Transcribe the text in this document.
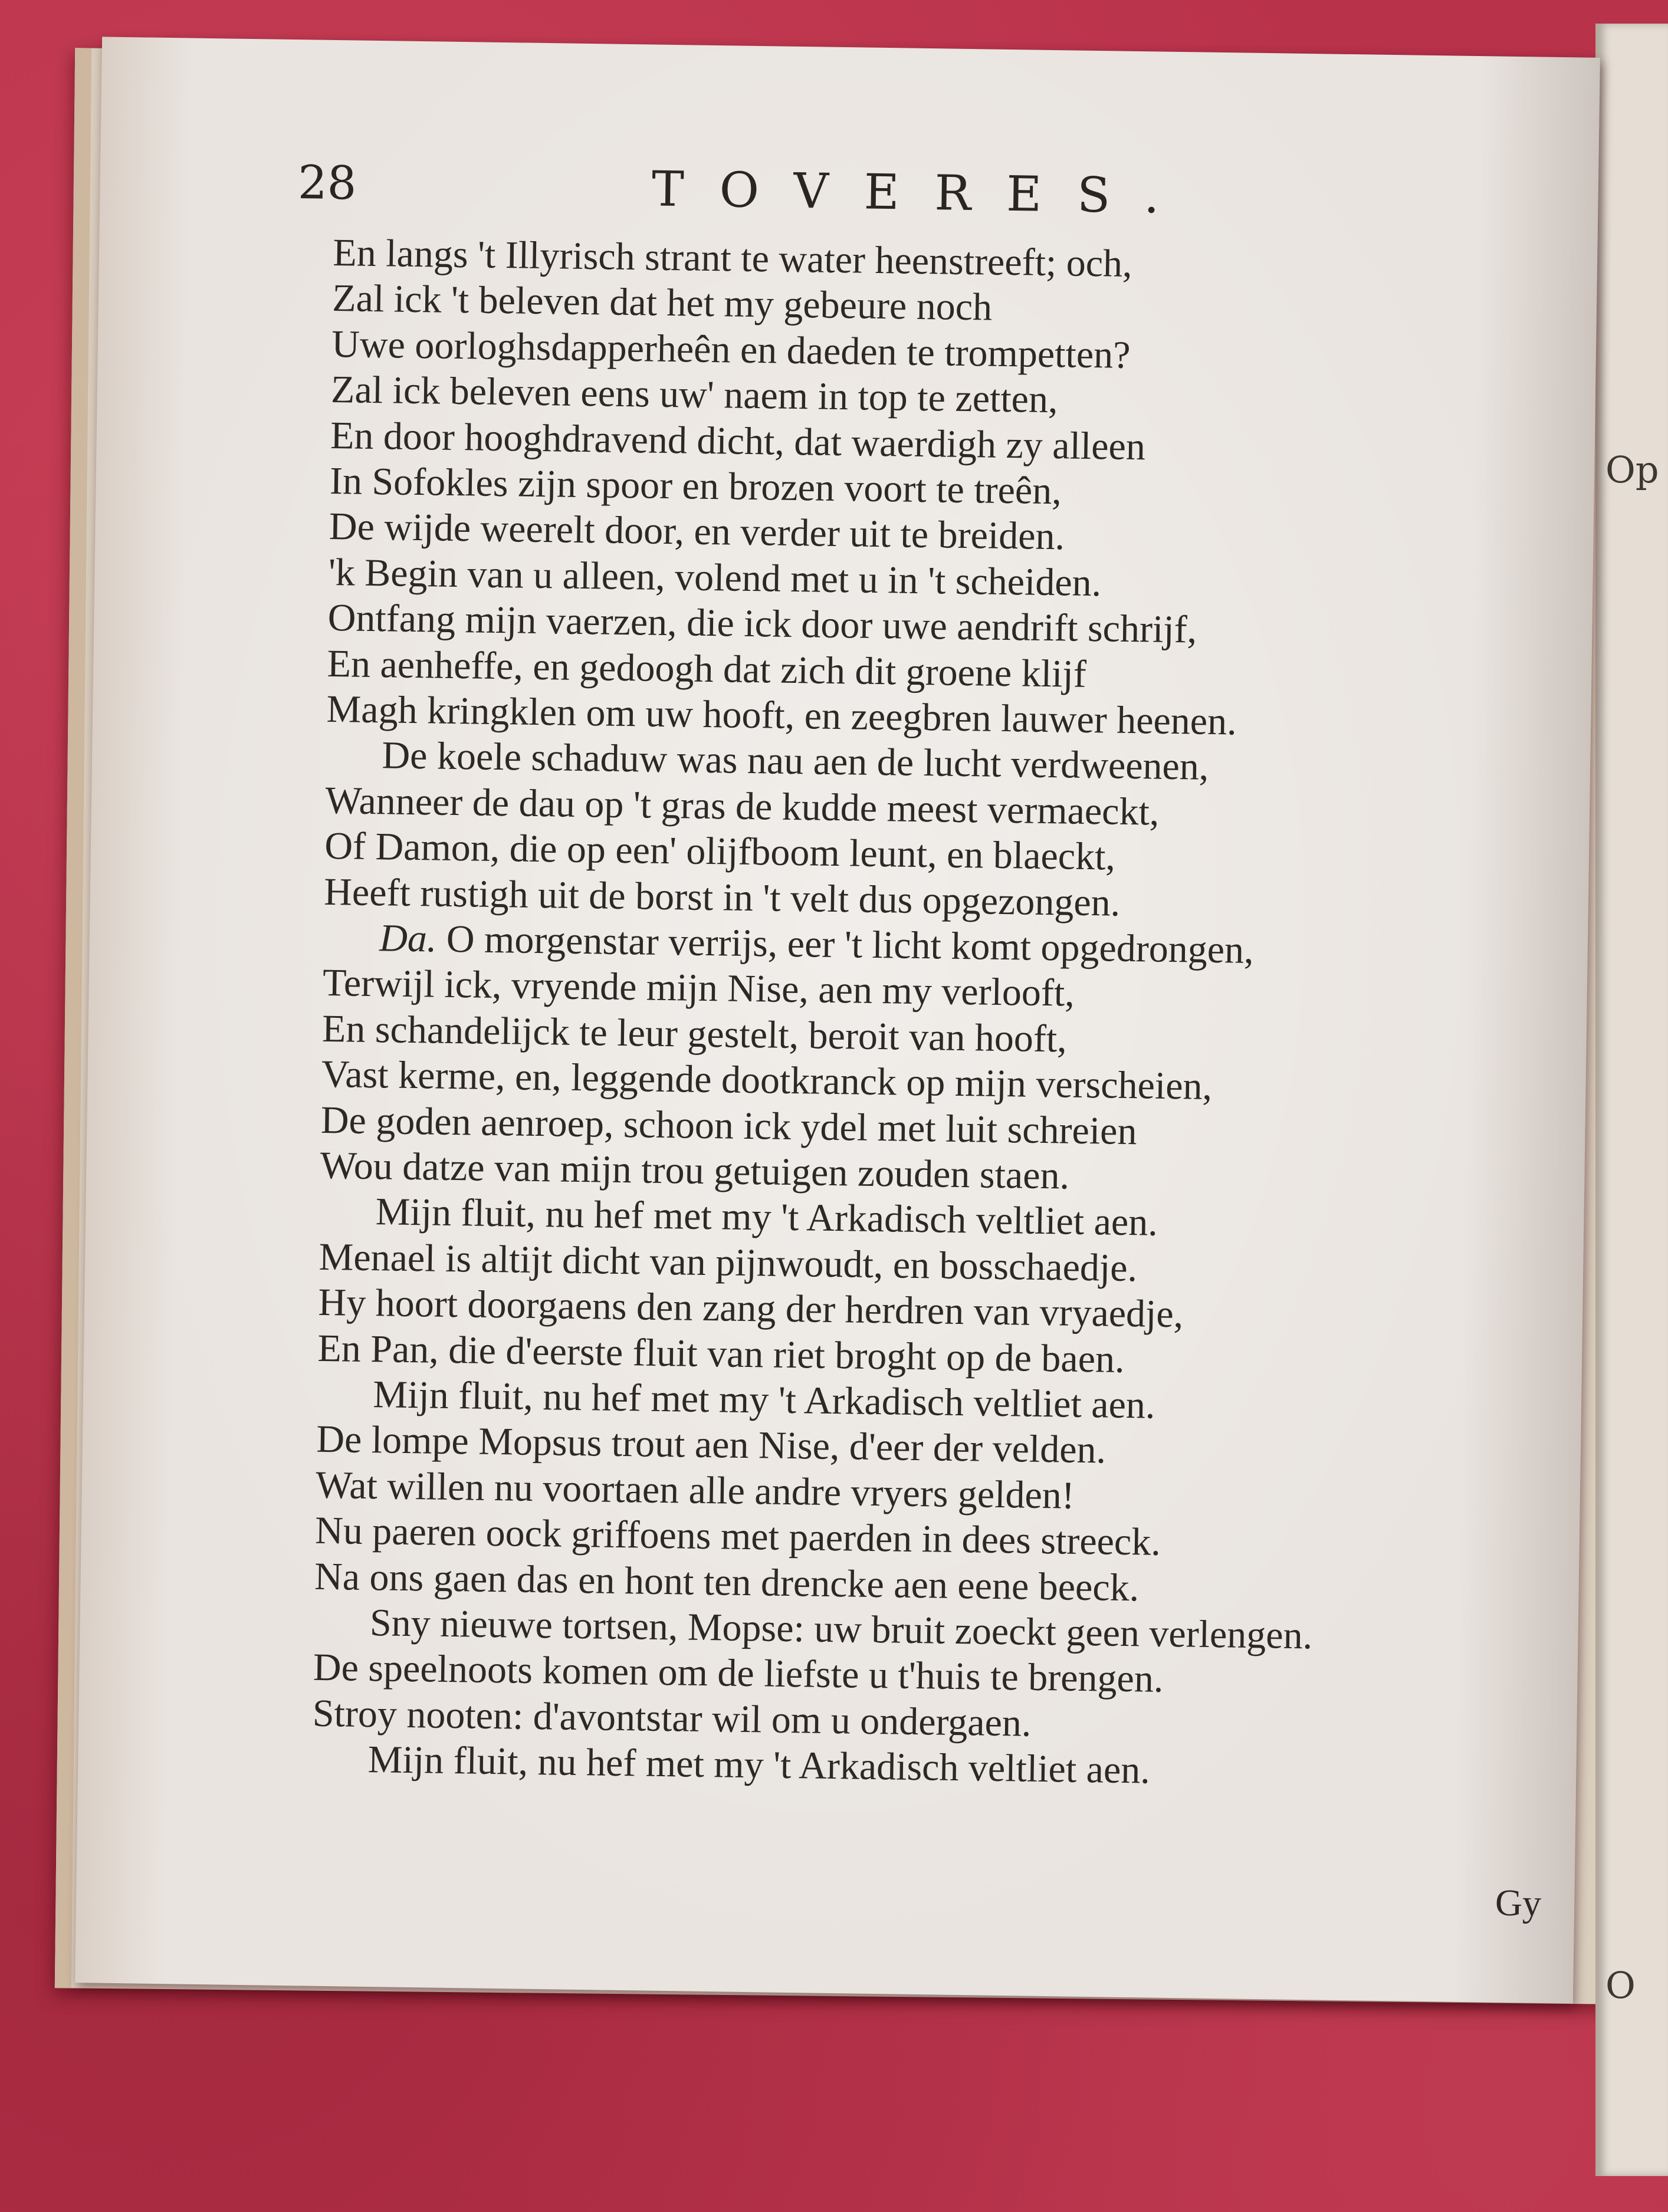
Op
O
28	TOVERES.
En langs 't Illyrisch strant te water heenstreeft; och,
Zal ick 't beleven dat het my gebeure noch
Uwe oorloghsdapperheên en daeden te trompetten?
Zal ick beleven eens uw' naem in top te zetten,
En door hooghdravend dicht, dat waerdigh zy alleen
In Sofokles zijn spoor en brozen voort te treên,
De wijde weerelt door, en verder uit te breiden.
'k Begin van u alleen, volend met u in 't scheiden.
Ontfang mijn vaerzen, die ick door uwe aendrift schrijf,
En aenheffe, en gedoogh dat zich dit groene klijf
Magh kringklen om uw hooft, en zeegbren lauwer heenen.
De koele schaduw was nau aen de lucht verdweenen,
Wanneer de dau op 't gras de kudde meest vermaeckt,
Of Damon, die op een' olijfboom leunt, en blaeckt,
Heeft rustigh uit de borst in 't velt dus opgezongen.
Da. O morgenstar verrijs, eer 't licht komt opgedrongen,
Terwijl ick, vryende mijn Nise, aen my verlooft,
En schandelijck te leur gestelt, beroit van hooft,
Vast kerme, en, leggende dootkranck op mijn verscheien,
De goden aenroep, schoon ick ydel met luit schreien
Wou datze van mijn trou getuigen zouden staen.
Mijn fluit, nu hef met my 't Arkadisch veltliet aen.
Menael is altijt dicht van pijnwoudt, en bosschaedje.
Hy hoort doorgaens den zang der herdren van vryaedje,
En Pan, die d'eerste fluit van riet broght op de baen.
Mijn fluit, nu hef met my 't Arkadisch veltliet aen.
De lompe Mopsus trout aen Nise, d'eer der velden.
Wat willen nu voortaen alle andre vryers gelden!
Nu paeren oock griffoens met paerden in dees streeck.
Na ons gaen das en hont ten drencke aen eene beeck.
Sny nieuwe tortsen, Mopse: uw bruit zoeckt geen verlengen.
De speelnoots komen om de liefste u t'huis te brengen.
Stroy nooten: d'avontstar wil om u ondergaen.
Mijn fluit, nu hef met my 't Arkadisch veltliet aen.
Gy
